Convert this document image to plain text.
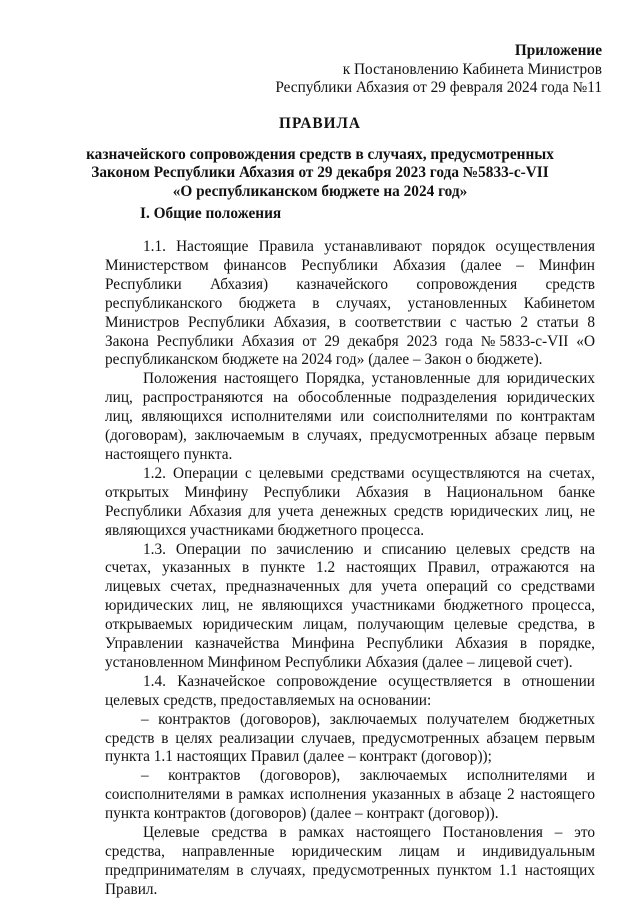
Приложение
к Постановлению Кабинета Министров
Республики Абхазия от 29 февраля 2024 года №11
ПРАВИЛА
казначейского сопровождения средств в случаях, предусмотренных
Законом Республики Абхазия от 29 декабря 2023 года №5833-с-VII
«О республиканском бюджете на 2024 год»
I. Общие положения

1.1. Настоящие Правила устанавливают порядок осуществления Министерством финансов Республики Абхазия (далее – Минфин Республики Абхазия) казначейского сопровождения средств республиканского бюджета в случаях, установленных Кабинетом Министров Республики Абхазия, в соответствии с частью 2 статьи 8 Закона Республики Абхазия от 29 декабря 2023 года №5833-с-VII «О республиканском бюджете на 2024 год» (далее – Закон о бюджете).

Положения настоящего Порядка, установленные для юридических лиц, распространяются на обособленные подразделения юридических лиц, являющихся исполнителями или соисполнителями по контрактам (договорам), заключаемым в случаях, предусмотренных абзаце первым настоящего пункта.

1.2. Операции с целевыми средствами осуществляются на счетах, открытых Минфину Республики Абхазия в Национальном банке Республики Абхазия для учета денежных средств юридических лиц, не являющихся участниками бюджетного процесса.

1.3. Операции по зачислению и списанию целевых средств на счетах, указанных в пункте 1.2 настоящих Правил, отражаются на лицевых счетах, предназначенных для учета операций со средствами юридических лиц, не являющихся участниками бюджетного процесса, открываемых юридическим лицам, получающим целевые средства, в Управлении казначейства Минфина Республики Абхазия в порядке, установленном Минфином Республики Абхазия (далее – лицевой счет).

1.4. Казначейское сопровождение осуществляется в отношении целевых средств, предоставляемых на основании:

– контрактов (договоров), заключаемых получателем бюджетных средств в целях реализации случаев, предусмотренных абзацем первым пункта 1.1 настоящих Правил (далее – контракт (договор));

– контрактов (договоров), заключаемых исполнителями и соисполнителями в рамках исполнения указанных в абзаце 2 настоящего пункта контрактов (договоров) (далее – контракт (договор)).

Целевые средства в рамках настоящего Постановления – это средства, направленные юридическим лицам и индивидуальным предпринимателям в случаях, предусмотренных пунктом 1.1 настоящих Правил.
